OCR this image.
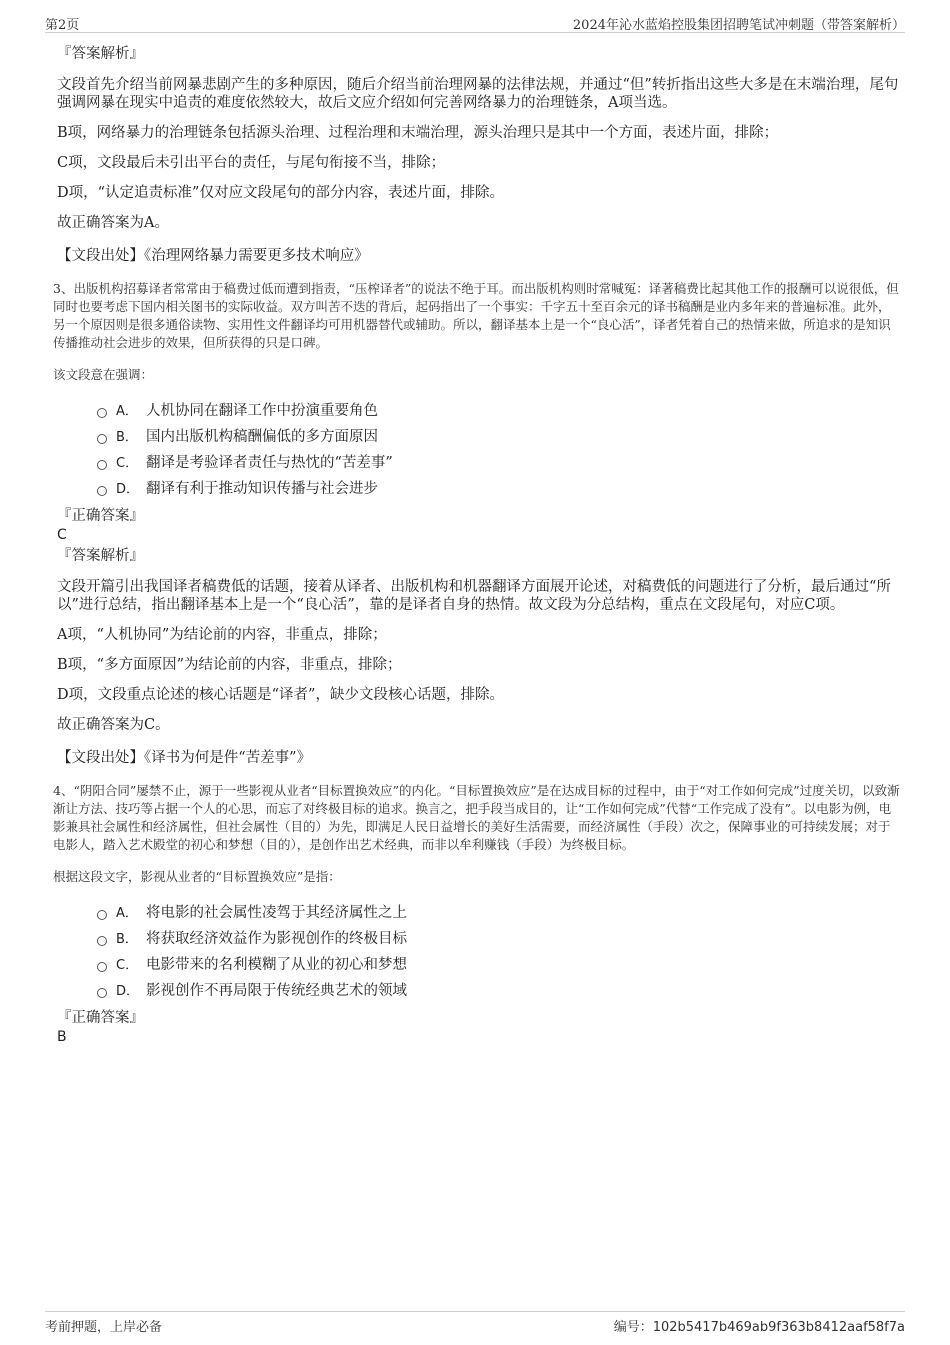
第2页	2024年沁水蓝焰控股集团招聘笔试冲刺题（带答案解析）
『答案解析』
文段首先介绍当前网暴悲剧产生的多种原因，随后介绍当前治理网暴的法律法规，并通过“但”转折指出这些大多是在末端治理，尾句强调网暴在现实中追责的难度依然较大，故后文应介绍如何完善网络暴力的治理链条，A项当选。
B项，网络暴力的治理链条包括源头治理、过程治理和末端治理，源头治理只是其中一个方面，表述片面，排除；
C项，文段最后未引出平台的责任，与尾句衔接不当，排除；
D项，“认定追责标准”仅对应文段尾句的部分内容，表述片面，排除。
故正确答案为A。
【文段出处】《治理网络暴力需要更多技术响应》
3、出版机构招募译者常常由于稿费过低而遭到指责，“压榨译者”的说法不绝于耳。而出版机构则时常喊冤：译著稿费比起其他工作的报酬可以说很低，但同时也要考虑下国内相关图书的实际收益。双方叫苦不迭的背后，起码指出了一个事实：千字五十至百余元的译书稿酬是业内多年来的普遍标准。此外，另一个原因则是很多通俗读物、实用性文件翻译均可用机器替代或辅助。所以，翻译基本上是一个“良心活”，译者凭着自己的热情来做，所追求的是知识传播推动社会进步的效果，但所获得的只是口碑。
该文段意在强调：
A． 人机协同在翻译工作中扮演重要角色
B． 国内出版机构稿酬偏低的多方面原因
C． 翻译是考验译者责任与热忱的“苦差事”
D． 翻译有利于推动知识传播与社会进步
『正确答案』
C
『答案解析』
文段开篇引出我国译者稿费低的话题，接着从译者、出版机构和机器翻译方面展开论述，对稿费低的问题进行了分析，最后通过“所以”进行总结，指出翻译基本上是一个“良心活”，靠的是译者自身的热情。故文段为分总结构，重点在文段尾句，对应C项。
A项，“人机协同”为结论前的内容，非重点，排除；
B项，“多方面原因”为结论前的内容，非重点，排除；
D项，文段重点论述的核心话题是“译者”，缺少文段核心话题，排除。
故正确答案为C。
【文段出处】《译书为何是件“苦差事”》
4、“阴阳合同”屡禁不止，源于一些影视从业者“目标置换效应”的内化。“目标置换效应”是在达成目标的过程中，由于“对工作如何完成”过度关切，以致渐渐让方法、技巧等占据一个人的心思，而忘了对终极目标的追求。换言之，把手段当成目的，让“工作如何完成”代替“工作完成了没有”。以电影为例，电影兼具社会属性和经济属性，但社会属性（目的）为先，即满足人民日益增长的美好生活需要，而经济属性（手段）次之，保障事业的可持续发展；对于电影人，踏入艺术殿堂的初心和梦想（目的），是创作出艺术经典，而非以牟利赚钱（手段）为终极目标。
根据这段文字，影视从业者的“目标置换效应”是指：
A． 将电影的社会属性凌驾于其经济属性之上
B． 将获取经济效益作为影视创作的终极目标
C． 电影带来的名利模糊了从业的初心和梦想
D． 影视创作不再局限于传统经典艺术的领域
『正确答案』
B
考前押题，上岸必备	编号：102b5417b469ab9f363b8412aaf58f7a
